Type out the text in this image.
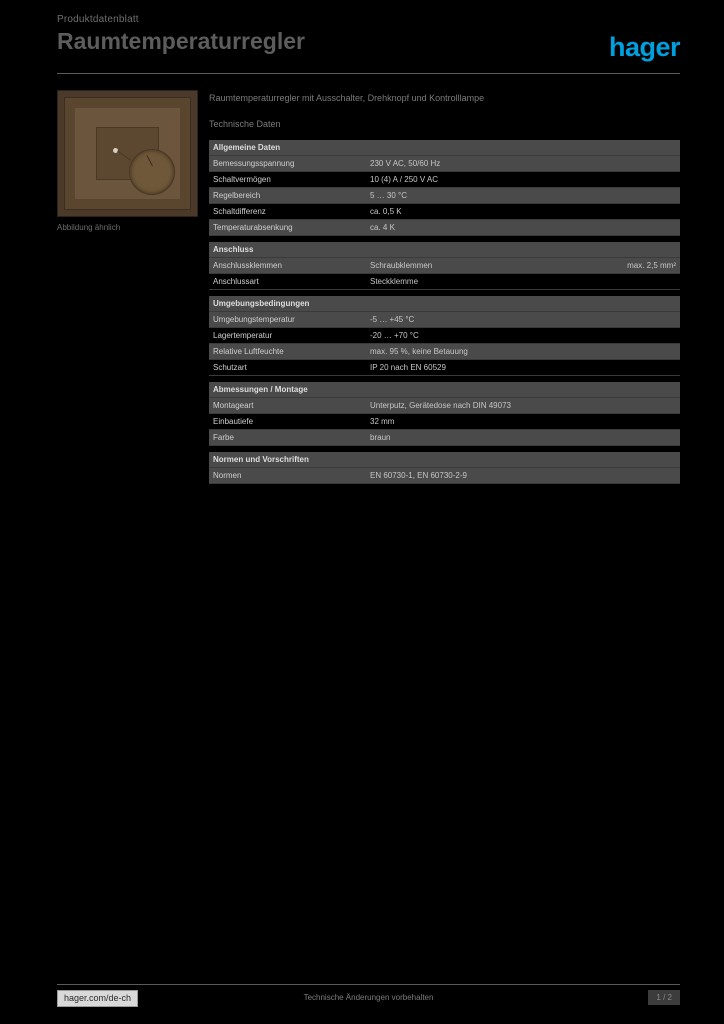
Produktdatenblatt
Raumtemperaturregler	hager
Abbildung ähnlich

Raumtemperaturregler mit Ausschalter, Drehknopf und Kontrolllampe

Technische Daten

Allgemeine Daten		
Bemessungsspannung	230 V AC, 50/60 Hz	
Schaltvermögen	10 (4) A / 250 V AC	
Regelbereich	5 … 30 °C	
Schaltdifferenz	ca. 0,5 K	
Temperaturabsenkung	ca. 4 K	

Anschluss		
Anschlussklemmen	Schraubklemmen	max. 2,5 mm²
Anschlussart	Steckklemme	

Umgebungsbedingungen		
Umgebungstemperatur	-5 … +45 °C	
Lagertemperatur	-20 … +70 °C	
Relative Luftfeuchte	max. 95 %, keine Betauung	
Schutzart	IP 20 nach EN 60529	

Abmessungen / Montage		
Montageart	Unterputz, Gerätedose nach DIN 49073	
Einbautiefe	32 mm	
Farbe	braun	

Normen und Vorschriften		
Normen	EN 60730-1, EN 60730-2-9	
hager.com/de-ch	Technische Änderungen vorbehalten	1 / 2
